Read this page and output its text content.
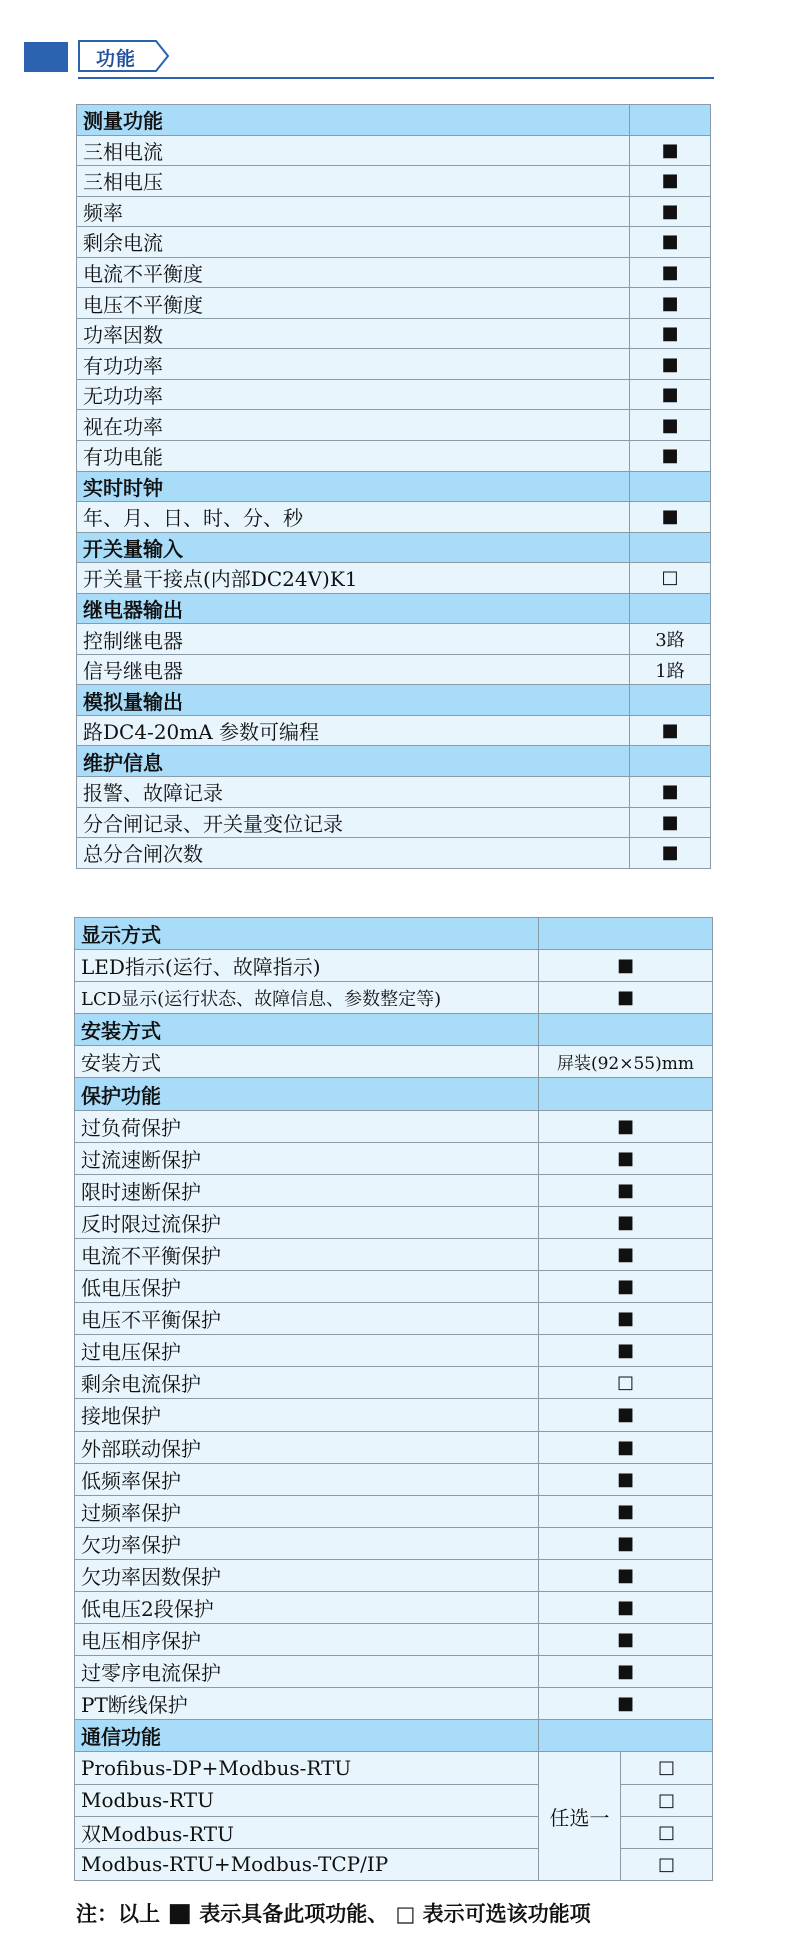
功能
测量功能	
三相电流	■
三相电压	■
频率	■
剩余电流	■
电流不平衡度	■
电压不平衡度	■
功率因数	■
有功功率	■
无功功率	■
视在功率	■
有功电能	■
实时时钟	
年、月、日、时、分、秒	■
开关量输入	
开关量干接点(内部DC24V)K1	□
继电器输出	
控制继电器	3路
信号继电器	1路
模拟量输出	
路DC4-20mA 参数可编程	■
维护信息	
报警、故障记录	■
分合闸记录、开关量变位记录	■
总分合闸次数	■
显示方式		
LED指示(运行、故障指示)	■	
LCD显示(运行状态、故障信息、参数整定等)	■	
安装方式		
安装方式	屏装(92×55)mm	
保护功能		
过负荷保护	■	
过流速断保护	■	
限时速断保护	■	
反时限过流保护	■	
电流不平衡保护	■	
低电压保护	■	
电压不平衡保护	■	
过电压保护	■	
剩余电流保护	□	
接地保护	■	
外部联动保护	■	
低频率保护	■	
过频率保护	■	
欠功率保护	■	
欠功率因数保护	■	
低电压2段保护	■	
电压相序保护	■	
过零序电流保护	■	
PT断线保护	■	
通信功能		
Profibus-DP+Modbus-RTU	任选一	□
Modbus-RTU		□
双Modbus-RTU		□
Modbus-RTU+Modbus-TCP/IP		□
注：以上 ■ 表示具备此项功能、 □ 表示可选该功能项
